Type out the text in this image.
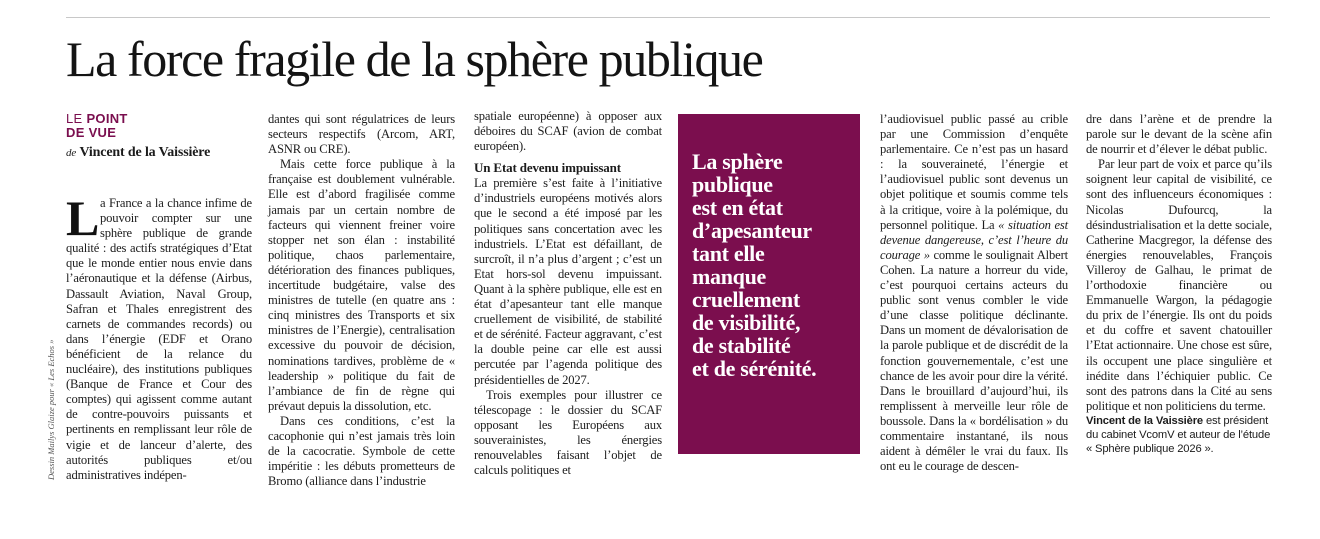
La force fragile de la sphère publique
Dessin Mailys Glaize pour « Les Echos »
LE POINT
DE VUE
de Vincent de la Vaissière

La France a la chance infime de pouvoir compter sur une sphère publique de grande qualité : des actifs stratégiques d’Etat que le monde entier nous envie dans l’aéronautique et la défense (Airbus, Dassault Aviation, Naval Group, Safran et Thales enregistrent des carnets de commandes records) ou dans l’énergie (EDF et Orano bénéficient de la relance du nucléaire), des institutions publiques (Banque de France et Cour des comptes) qui agissent comme autant de contre-pouvoirs puissants et pertinents en remplissant leur rôle de vigie et de lanceur d’alerte, des autorités publiques et/ou administratives indépen-

dantes qui sont régulatrices de leurs secteurs respectifs (Arcom, ART, ASNR ou CRE).

Mais cette force publique à la française est doublement vulnérable. Elle est d’abord fragilisée comme jamais par un certain nombre de facteurs qui viennent freiner voire stopper net son élan : instabilité politique, chaos parlementaire, détérioration des finances publiques, incertitude budgétaire, valse des ministres de tutelle (en quatre ans : cinq ministres des Transports et six ministres de l’Energie), centralisation excessive du pouvoir de décision, nominations tardives, problème de « leadership » politique du fait de l’ambiance de fin de règne qui prévaut depuis la dissolution, etc.

Dans ces conditions, c’est la cacophonie qui n’est jamais très loin de la cacocratie. Symbole de cette impéritie : les débuts prometteurs de Bromo (alliance dans l’industrie

spatiale européenne) à opposer aux déboires du SCAF (avion de combat européen).

Un Etat devenu impuissant

La première s’est faite à l’initiative d’industriels européens motivés alors que le second a été imposé par les politiques sans concertation avec les industriels. L’Etat est défaillant, de surcroît, il n’a plus d’argent ; c’est un Etat hors-sol devenu impuissant. Quant à la sphère publique, elle est en état d’apesanteur tant elle manque cruellement de visibilité, de stabilité et de sérénité. Facteur aggravant, c’est la double peine car elle est aussi percutée par l’agenda politique des présidentielles de 2027.

Trois exemples pour illustrer ce télescopage : le dossier du SCAF opposant les Européens aux souverainistes, les énergies renouvelables faisant l’objet de calculs politiques et

La sphère
publique
est en état
d’apesanteur
tant elle
manque
cruellement
de visibilité,
de stabilité
et de sérénité.

l’audiovisuel public passé au crible par une Commission d’enquête parlementaire. Ce n’est pas un hasard : la souveraineté, l’énergie et l’audiovisuel public sont devenus un objet politique et soumis comme tels à la critique, voire à la polémique, du personnel politique. La « situation est devenue dangereuse, c’est l’heure du courage » comme le soulignait Albert Cohen. La nature a horreur du vide, c’est pourquoi certains acteurs du public sont venus combler le vide d’une classe politique déclinante. Dans un moment de dévalorisation de la parole publique et de discrédit de la fonction gouvernementale, c’est une chance de les avoir pour dire la vérité. Dans le brouillard d’aujourd’hui, ils remplissent à merveille leur rôle de boussole. Dans la « bordélisation » du commentaire instantané, ils nous aident à démêler le vrai du faux. Ils ont eu le courage de descen-

dre dans l’arène et de prendre la parole sur le devant de la scène afin de nourrir et d’élever le débat public.

Par leur part de voix et parce qu’ils soignent leur capital de visibilité, ce sont des influenceurs économiques : Nicolas Dufourcq, la désindustrialisation et la dette sociale, Catherine Macgregor, la défense des énergies renouvelables, François Villeroy de Galhau, le primat de l’orthodoxie financière ou Emmanuelle Wargon, la pédagogie du prix de l’énergie. Ils ont du poids et du coffre et savent chatouiller l’Etat actionnaire. Une chose est sûre, ils occupent une place singulière et inédite dans l’échiquier public. Ce sont des patrons dans la Cité au sens politique et non politiciens du terme.

Vincent de la Vaissière est président du cabinet VcomV et auteur de l’étude « Sphère publique 2026 ».
